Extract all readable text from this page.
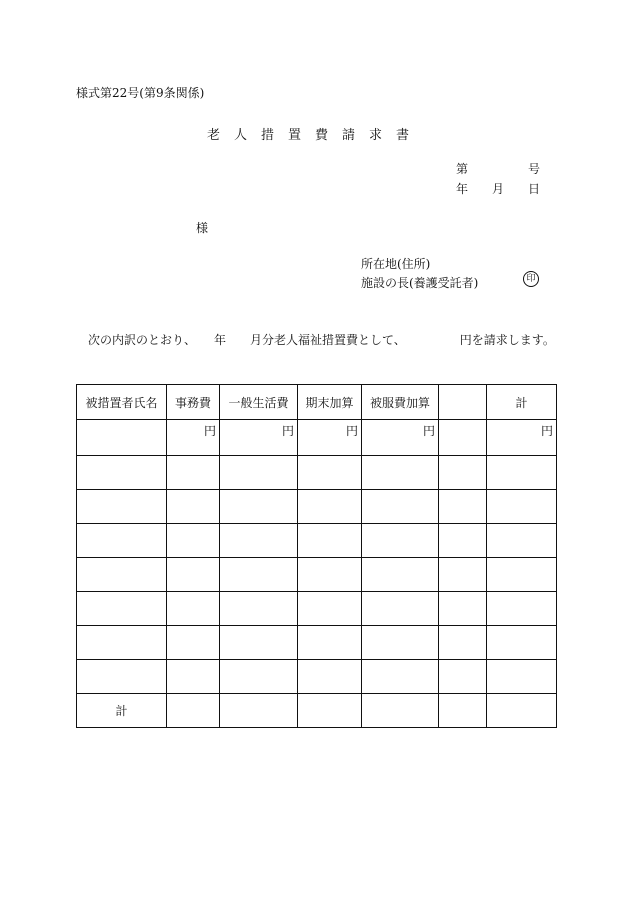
様式第22号(第9条関係)
老人措置費請求書
第	号
年 月 日
様
所在地(住所)
施設の長(養護受託者)	印
　次の内訳のとおり、　　年　　月分老人福祉措置費として、　　　　　円を請求します。
被措置者氏名	事務費	一般生活費	期末加算	被服費加算		計
	円	円	円	円		円

計						
